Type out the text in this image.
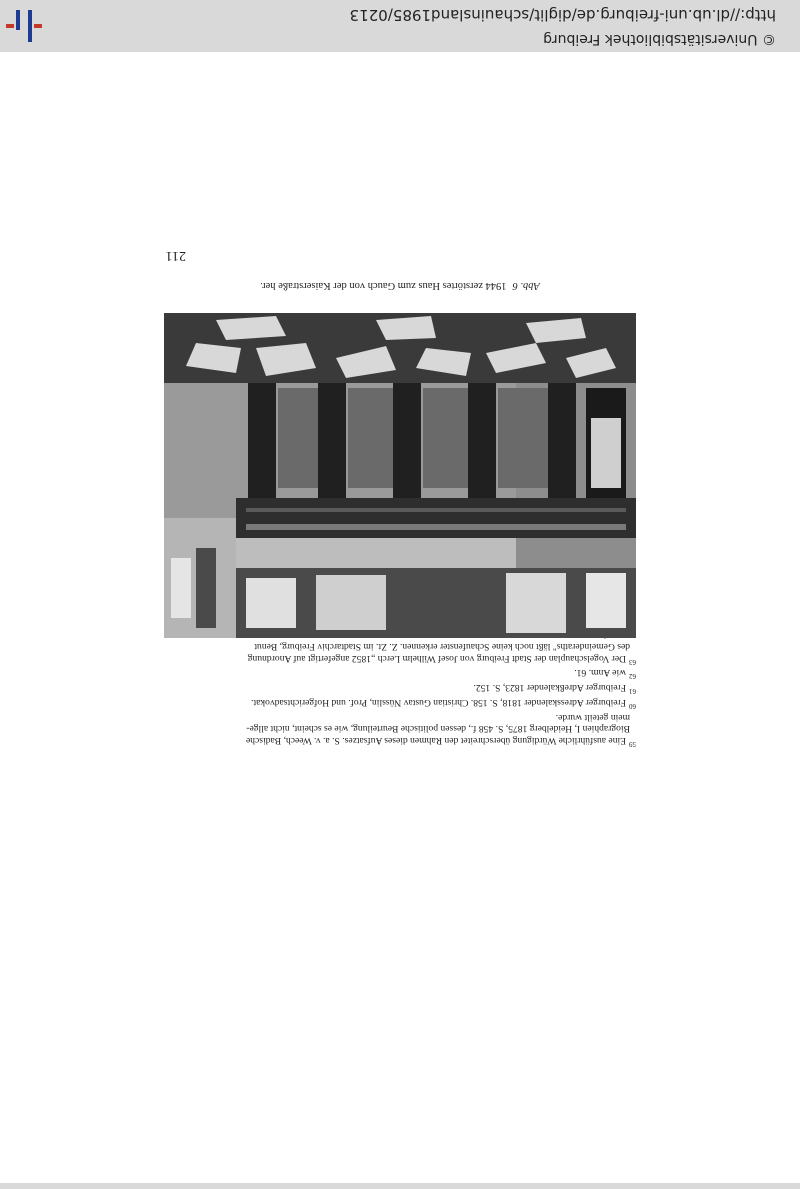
$^{59}$Eine ausführliche Würdigung überschreitet den Rahmen dieses Aufsatzes. S. a. v. Weech, Badische

Biographien I, Heidelberg 1875, S. 458 f., dessen politische Beurteilung, wie es scheint, nicht allge-

mein geteilt wurde.

$^{60}$Freiburger Adresskalender 1818, S. 158. Christian Gustav Nüsslin, Prof. und Hofgerichtsadvokat.

$^{61}$Freiburger Adreßkalender 1823, S. 152.

$^{62}$wie Anm. 61.

$^{63}$Der Vogelschauplan der Stadt Freiburg von Josef Wilhelm Lerch „1852 angefertigt auf Anordnung

des Gemeinderaths" läßt noch keine Schaufenster erkennen. Z. Zt. im Stadtarchiv Freiburg, Benut

Abb. 61944 zerstörtes Haus zum Gauch von der Kaiserstraße her.
211
http://dl.ub.uni-freiburg.de/diglit/schauinsland1985/0213
© Universitätsbibliothek Freiburg
